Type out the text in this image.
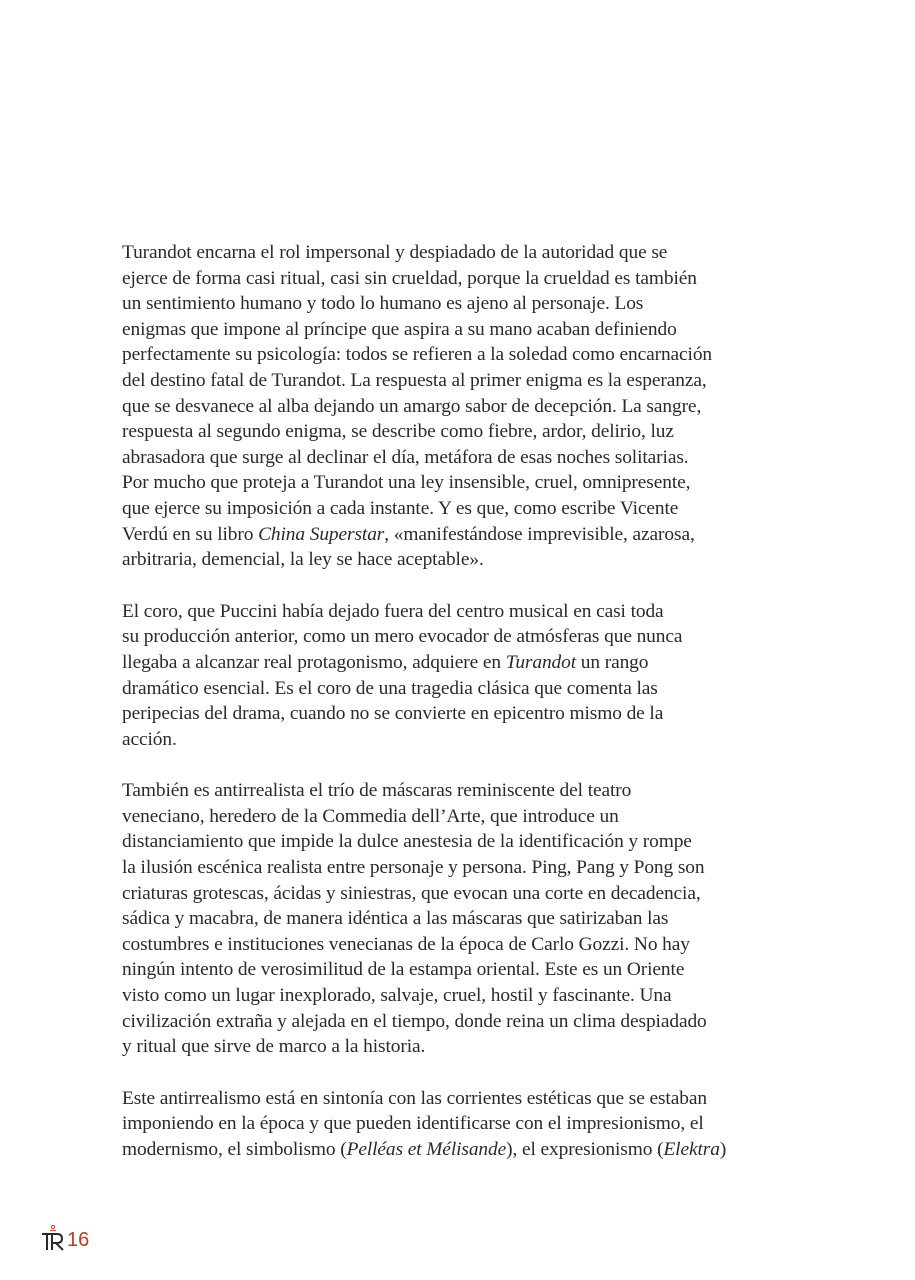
Turandot encarna el rol impersonal y despiadado de la autoridad que se
ejerce de forma casi ritual, casi sin crueldad, porque la crueldad es también
un sentimiento humano y todo lo humano es ajeno al personaje. Los
enigmas que impone al príncipe que aspira a su mano acaban definiendo
perfectamente su psicología: todos se refieren a la soledad como encarnación
del destino fatal de Turandot. La respuesta al primer enigma es la esperanza,
que se desvanece al alba dejando un amargo sabor de decepción. La sangre,
respuesta al segundo enigma, se describe como fiebre, ardor, delirio, luz
abrasadora que surge al declinar el día, metáfora de esas noches solitarias.
Por mucho que proteja a Turandot una ley insensible, cruel, omnipresente,
que ejerce su imposición a cada instante. Y es que, como escribe Vicente
Verdú en su libro China Superstar, «manifestándose imprevisible, azarosa,
arbitraria, demencial, la ley se hace aceptable».

El coro, que Puccini había dejado fuera del centro musical en casi toda
su producción anterior, como un mero evocador de atmósferas que nunca
llegaba a alcanzar real protagonismo, adquiere en Turandot un rango
dramático esencial. Es el coro de una tragedia clásica que comenta las
peripecias del drama, cuando no se convierte en epicentro mismo de la
acción.

También es antirrealista el trío de máscaras reminiscente del teatro
veneciano, heredero de la Commedia dell’Arte, que introduce un
distanciamiento que impide la dulce anestesia de la identificación y rompe
la ilusión escénica realista entre personaje y persona. Ping, Pang y Pong son
criaturas grotescas, ácidas y siniestras, que evocan una corte en decadencia,
sádica y macabra, de manera idéntica a las máscaras que satirizaban las
costumbres e instituciones venecianas de la época de Carlo Gozzi. No hay
ningún intento de verosimilitud de la estampa oriental. Este es un Oriente
visto como un lugar inexplorado, salvaje, cruel, hostil y fascinante. Una
civilización extraña y alejada en el tiempo, donde reina un clima despiadado
y ritual que sirve de marco a la historia.

Este antirrealismo está en sintonía con las corrientes estéticas que se estaban
imponiendo en la época y que pueden identificarse con el impresionismo, el
modernismo, el simbolismo (Pelléas et Mélisande), el expresionismo (Elektra)

16
